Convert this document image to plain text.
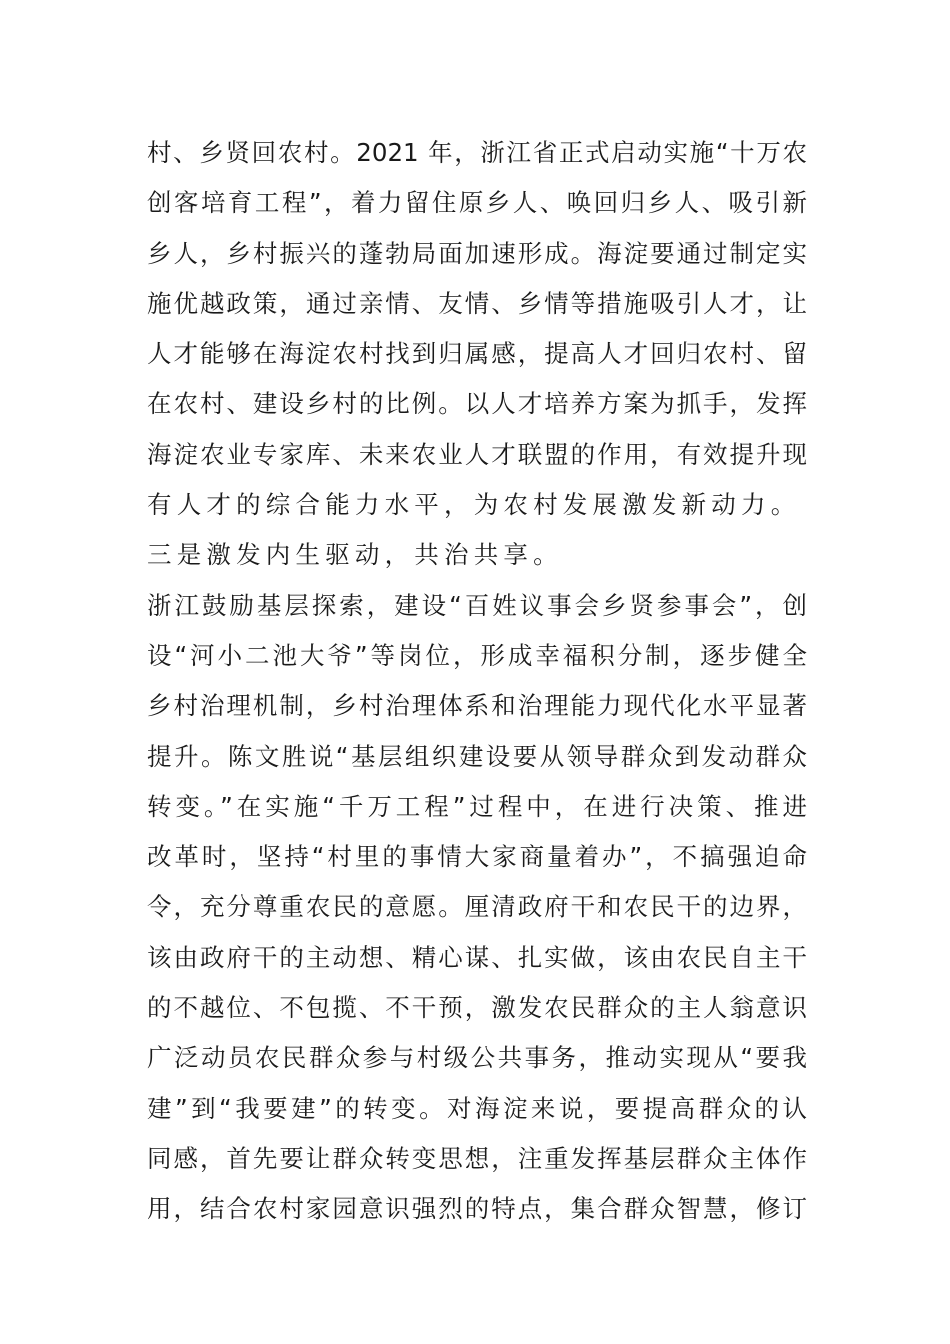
村、乡贤回农村。2021 年，浙江省正式启动实施“十万农
创客培育工程”，着力留住原乡人、唤回归乡人、吸引新
乡人，乡村振兴的蓬勃局面加速形成。海淀要通过制定实
施优越政策，通过亲情、友情、乡情等措施吸引人才，让
人才能够在海淀农村找到归属感，提高人才回归农村、留
在农村、建设乡村的比例。以人才培养方案为抓手，发挥
海淀农业专家库、未来农业人才联盟的作用，有效提升现
有人才的综合能力水平，为农村发展激发新动力。
三是激发内生驱动，共治共享。
浙江鼓励基层探索，建设“百姓议事会乡贤参事会”，创
设“河小二池大爷”等岗位，形成幸福积分制，逐步健全
乡村治理机制，乡村治理体系和治理能力现代化水平显著
提升。陈文胜说“基层组织建设要从领导群众到发动群众
转变。”在实施“千万工程”过程中，在进行决策、推进
改革时，坚持“村里的事情大家商量着办”，不搞强迫命
令，充分尊重农民的意愿。厘清政府干和农民干的边界，
该由政府干的主动想、精心谋、扎实做，该由农民自主干
的不越位、不包揽、不干预，激发农民群众的主人翁意识
广泛动员农民群众参与村级公共事务，推动实现从“要我
建”到“我要建”的转变。对海淀来说，要提高群众的认
同感，首先要让群众转变思想，注重发挥基层群众主体作
用，结合农村家园意识强烈的特点，集合群众智慧，修订
